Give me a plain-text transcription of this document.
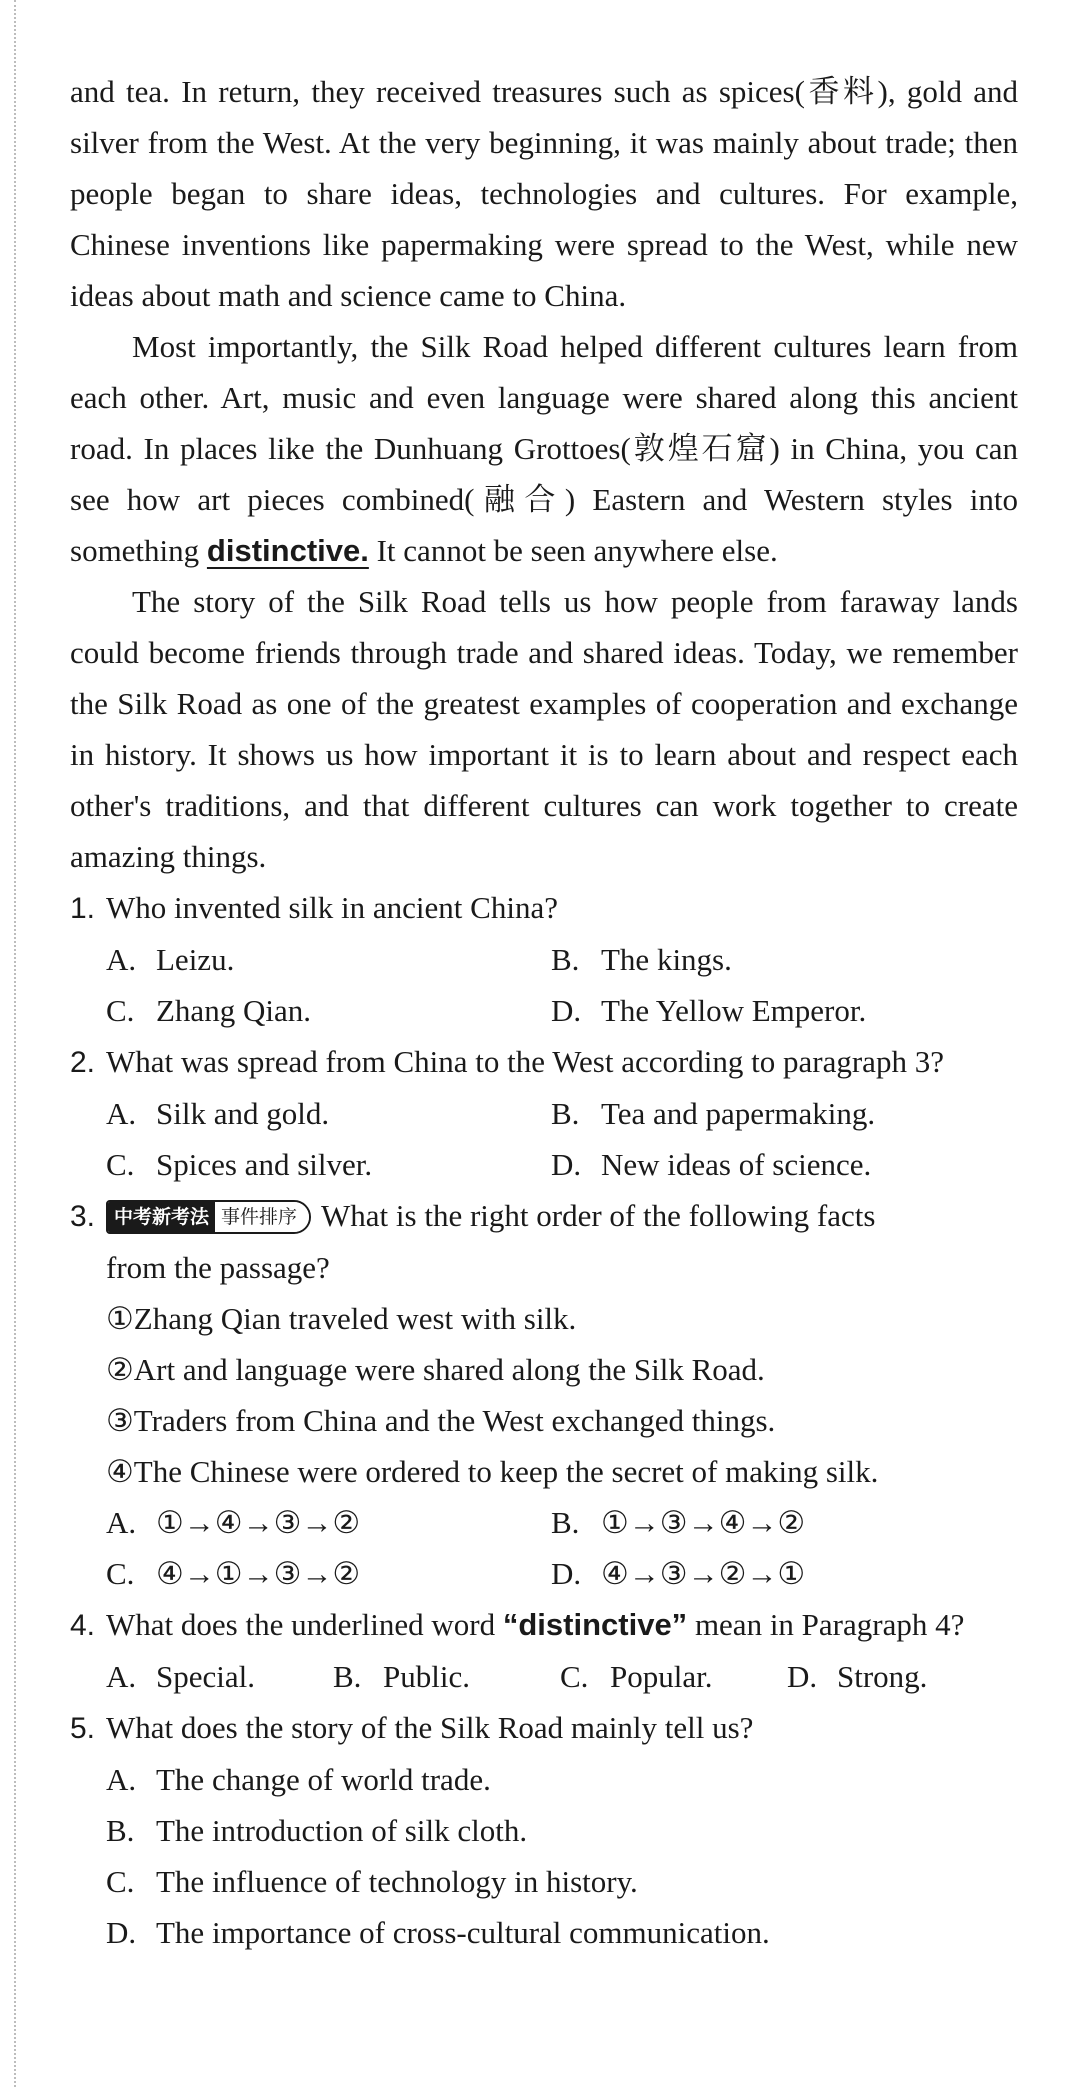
and tea. In return, they received treasures such as spices(香料), gold and silver from the West. At the very beginning, it was mainly about trade; then people began to share ideas, technologies and cultures. For example, Chinese inventions like papermaking were spread to the West, while new ideas about math and science came to China.

Most importantly, the Silk Road helped different cultures learn from each other. Art, music and even language were shared along this ancient road. In places like the Dunhuang Grottoes(敦煌石窟) in China, you can see how art pieces combined(融合) Eastern and Western styles into something distinctive. It cannot be seen anywhere else.

The story of the Silk Road tells us how people from faraway lands could become friends through trade and shared ideas. Today, we remember the Silk Road as one of the greatest examples of cooperation and exchange in history. It shows us how important it is to learn about and respect each other's traditions, and that different cultures can work together to create amazing things.

1. Who invented silk in ancient China?
A. Leizu.	B. The kings.
C. Zhang Qian.	D. The Yellow Emperor.
2. What was spread from China to the West according to paragraph 3?
A. Silk and gold.	B. Tea and papermaking.
C. Spices and silver.	D. New ideas of science.
3. 中考新考法 事件排序 What is the right order of the following facts
from the passage?
①Zhang Qian traveled west with silk.
②Art and language were shared along the Silk Road.
③Traders from China and the West exchanged things.
④The Chinese were ordered to keep the secret of making silk.
A. ①→④→③→②	B. ①→③→④→②
C. ④→①→③→②	D. ④→③→②→①
4. What does the underlined word “distinctive” mean in Paragraph 4?
A. Special.	B. Public.	C. Popular.	D. Strong.
5. What does the story of the Silk Road mainly tell us?
A. The change of world trade.
B. The introduction of silk cloth.
C. The influence of technology in history.
D. The importance of cross-cultural communication.
